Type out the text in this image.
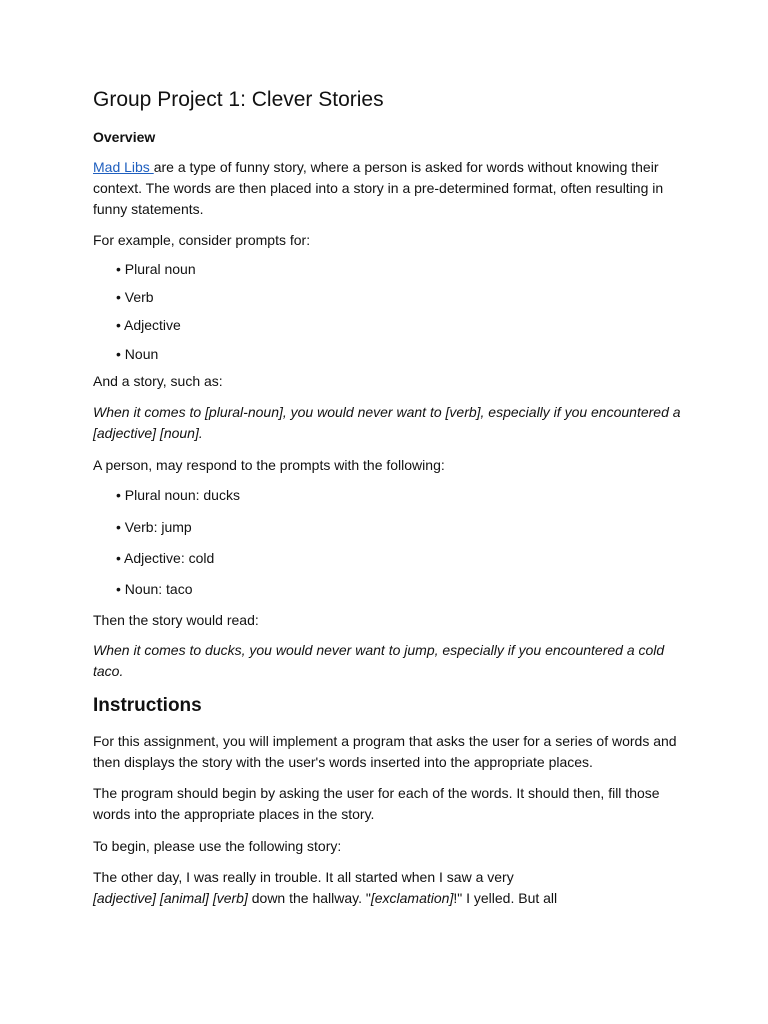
Group Project 1: Clever Stories
Overview

Mad Libs are a type of funny story, where a person is asked for words without knowing their context. The words are then placed into a story in a pre-determined format, often resulting in funny statements.

For example, consider prompts for:

• Plural noun
• Verb
• Adjective
• Noun

And a story, such as:

When it comes to [plural-noun], you would never want to [verb], especially if you encountered a [adjective] [noun].

A person, may respond to the prompts with the following:

• Plural noun: ducks
• Verb: jump
• Adjective: cold
• Noun: taco

Then the story would read:

When it comes to ducks, you would never want to jump, especially if you encountered a cold taco.

Instructions

For this assignment, you will implement a program that asks the user for a series of words and then displays the story with the user's words inserted into the appropriate places.

The program should begin by asking the user for each of the words. It should then, fill those words into the appropriate places in the story.

To begin, please use the following story:

The other day, I was really in trouble. It all started when I saw a very

[adjective] [animal] [verb] down the hallway. "[exclamation]!" I yelled. But all
